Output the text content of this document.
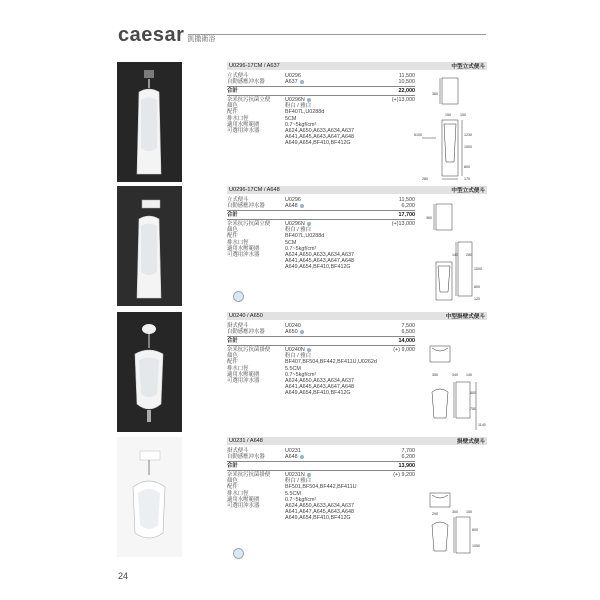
caesar 凱撒衛浴
U0296-17CM / A637	中型立式便斗
立式便斗	U0296	11,500
自動感應沖水器	A637	10,500
合計	22,000
奈米抗污抗菌立便	U0296N	(+)13,000
顏色	粉白 / 雅白
配件	BF407L,U0288d
排水口徑	5CM
適用水壓範圍	0.7~5kgf/cm²
可選用沖水器	A624,A650,A633,A634,A637
A641,A645,A643,A647,A648
A649,A654,BF410,BF412G
360
150	150
1230
1000
5100
800
170
280
U0296-17CM / A648	中型立式便斗
立式便斗	U0296	11,500
自動感應沖水器	A648	6,200
合計	17,700
奈米抗污抗菌立便	U0296N	(+)13,000
顏色	粉白 / 雅白
配件	BF407L,U0288d
排水口徑	5CM
適用水壓範圍	0.7~5kgf/cm²
可選用沖水器	A624,A650,A633,A634,A637
A641,A645,A643,A647,A648
A649,A654,BF410,BF412G
360
140 280
1000
800
120
U0240 / A650	中型掛壁式便斗
掛式便斗	U0240	7,500
自動感應沖水器	A650	6,500
合計	14,000
奈米抗污抗菌掛便	U0240N	(+) 9,000
顏色	粉白 / 雅白
配件	BF407,BF504,BF442,BF411U,U0262d
排水口徑	5.5CM
適用水壓範圍	0.7~5kgf/cm²
可選用沖水器	A624,A650,A633,A634,A637
A641,A645,A643,A647,A648
A649,A654,BF410,BF412G
350	340 140
600
750
1140
U0231 / A648	掛壁式便斗
掛式便斗	U0231	7,700
自動感應沖水器	A648	6,200
合計	13,900
奈米抗污抗菌掛便	U0231N	(+) 9,200
顏色	粉白 / 雅白
配件	BF501,BF504,BF442,BF411U
排水口徑	5.5CM
適用水壓範圍	0.7~5kgf/cm²
可選用沖水器	A624,A650,A633,A634,A637
A641,A647,A645,A643,A648
A649,A654,BF410,BF412G
290	300 150
600
1050
24
